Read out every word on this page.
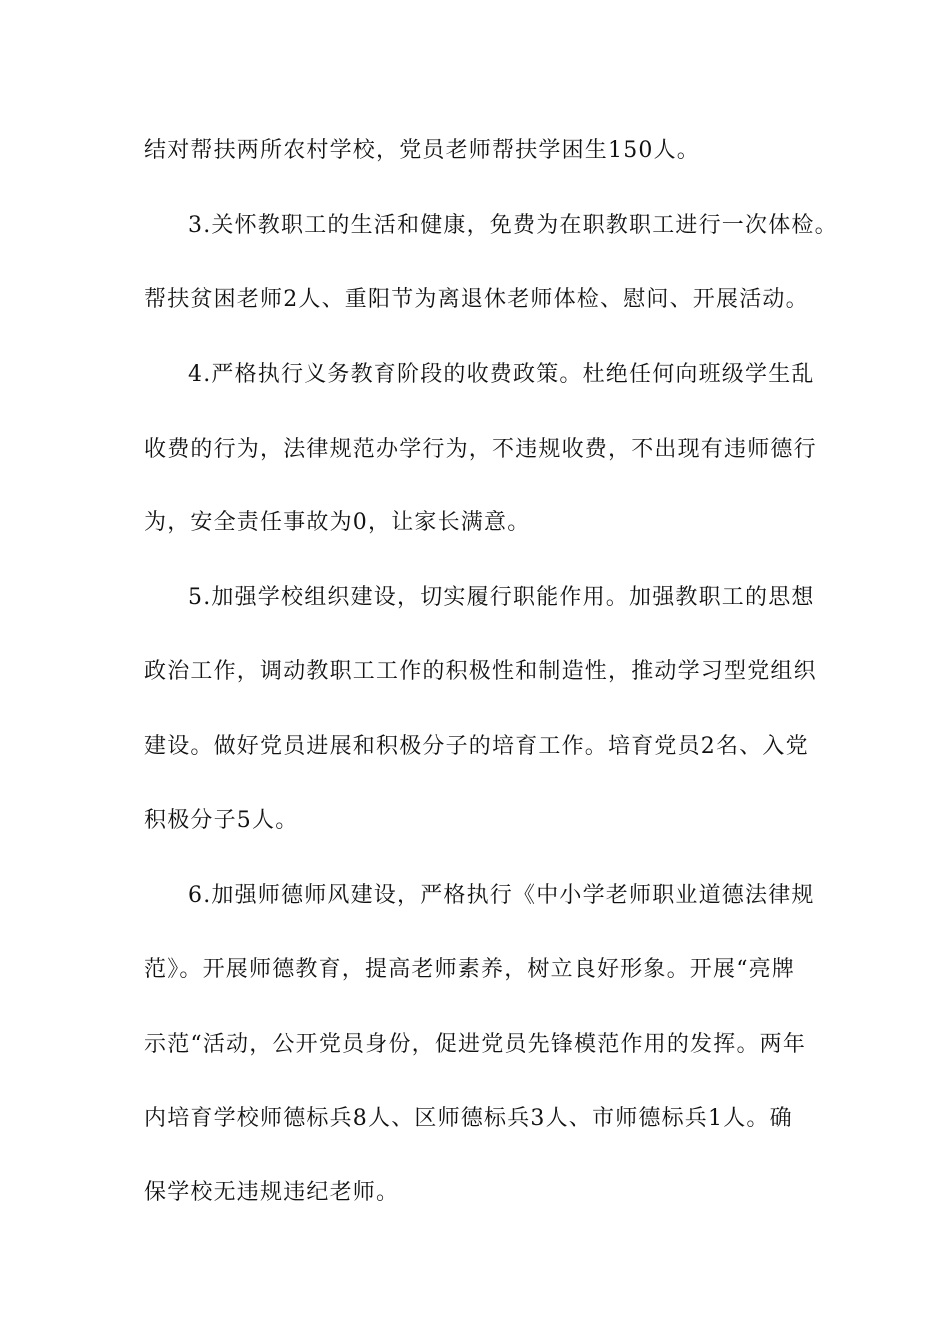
结对帮扶两所农村学校，党员老师帮扶学困生150人。
3.关怀教职工的生活和健康，免费为在职教职工进行一次体检。
帮扶贫困老师2人、重阳节为离退休老师体检、慰问、开展活动。
4.严格执行义务教育阶段的收费政策。杜绝任何向班级学生乱
收费的行为，法律规范办学行为，不违规收费，不出现有违师德行
为，安全责任事故为0，让家长满意。
5.加强学校组织建设，切实履行职能作用。加强教职工的思想
政治工作，调动教职工工作的积极性和制造性，推动学习型党组织
建设。做好党员进展和积极分子的培育工作。培育党员2名、入党
积极分子5人。
6.加强师德师风建设，严格执行《中小学老师职业道德法律规
范》。开展师德教育，提高老师素养，树立良好形象。开展“亮牌
示范“活动，公开党员身份，促进党员先锋模范作用的发挥。两年
内培育学校师德标兵8人、区师德标兵3人、市师德标兵1人。确
保学校无违规违纪老师。
